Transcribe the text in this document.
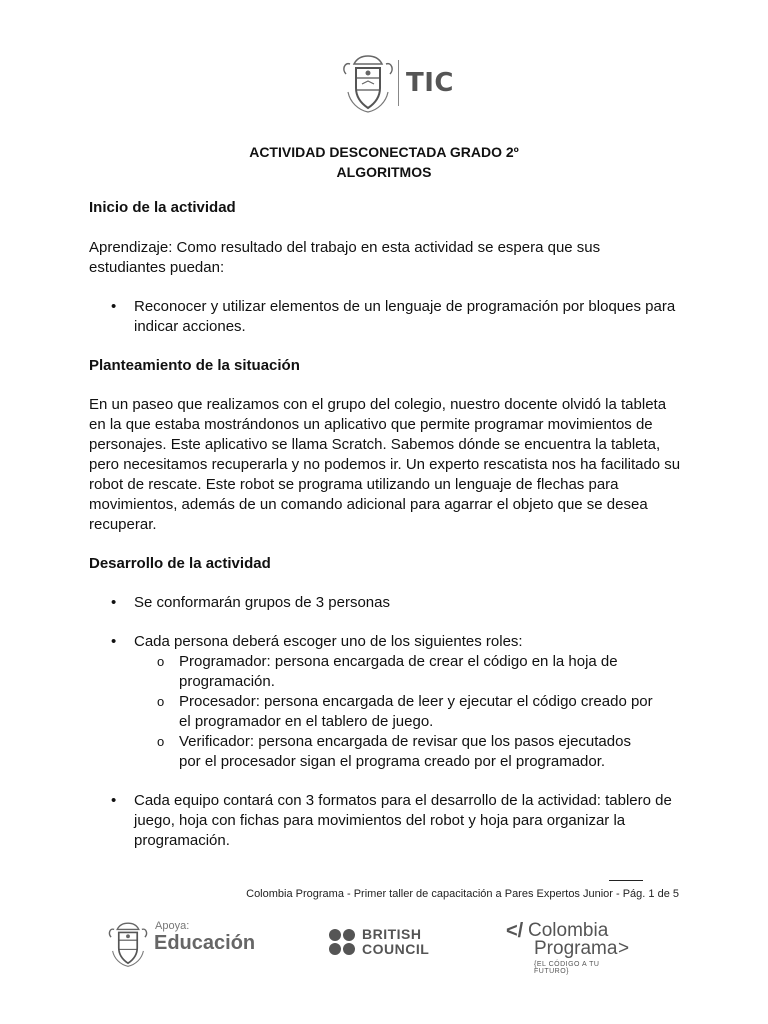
TIC
ACTIVIDAD DESCONECTADA GRADO 2º
ALGORITMOS

Inicio de la actividad

Aprendizaje: Como resultado del trabajo en esta actividad se espera que sus estudiantes puedan:

• Reconocer y utilizar elementos de un lenguaje de programación por bloques para indicar acciones.

Planteamiento de la situación

En un paseo que realizamos con el grupo del colegio, nuestro docente olvidó la tableta en la que estaba mostrándonos un aplicativo que permite programar movimientos de personajes. Este aplicativo se llama Scratch. Sabemos dónde se encuentra la tableta, pero necesitamos recuperarla y no podemos ir. Un experto rescatista nos ha facilitado su robot de rescate. Este robot se programa utilizando un lenguaje de flechas para movimientos, además de un comando adicional para agarrar el objeto que se desea recuperar.

Desarrollo de la actividad

• Se conformarán grupos de 3 personas
• Cada persona deberá escoger uno de los siguientes roles:
o Programador: persona encargada de crear el código en la hoja de programación.
o Procesador: persona encargada de leer y ejecutar el código creado por el programador en el tablero de juego.
o Verificador: persona encargada de revisar que los pasos ejecutados por el procesador sigan el programa creado por el programador.
• Cada equipo contará con 3 formatos para el desarrollo de la actividad: tablero de juego, hoja con fichas para movimientos del robot y hoja para organizar la programación.
Colombia Programa - Primer taller de capacitación a Pares Expertos Junior - Pág. 1 de 5
Apoya:
Educación	BRITISH
COUNCIL
</ Colombia
Programa >
{EL CÓDIGO A TU FUTURO}
